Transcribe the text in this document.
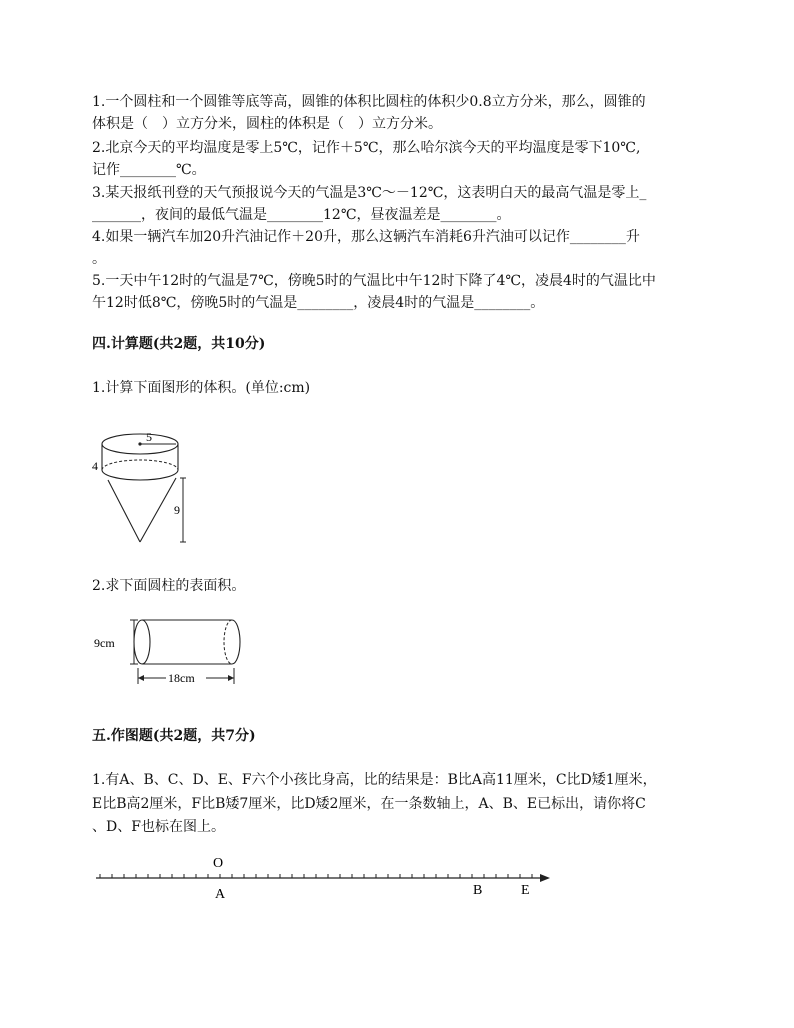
1.一个圆柱和一个圆锥等底等高，圆锥的体积比圆柱的体积少0.8立方分米，那么，圆锥的
体积是（　）立方分米，圆柱的体积是（　）立方分米。
2.北京今天的平均温度是零上5℃，记作＋5℃，那么哈尔滨今天的平均温度是零下10℃,
记作________℃。
3.某天报纸刊登的天气预报说今天的气温是3℃～－12℃，这表明白天的最高气温是零上_
_______，夜间的最低气温是________12℃，昼夜温差是________。
4.如果一辆汽车加20升汽油记作＋20升，那么这辆汽车消耗6升汽油可以记作________升
。
5.一天中午12时的气温是7℃，傍晚5时的气温比中午12时下降了4℃，凌晨4时的气温比中
午12时低8℃，傍晚5时的气温是________，凌晨4时的气温是________。
四.计算题(共2题，共10分)
1.计算下面图形的体积。(单位:cm)
5
4
9
2.求下面圆柱的表面积。
9cm
18cm
五.作图题(共2题，共7分)
1.有A、B、C、D、E、F六个小孩比身高，比的结果是：B比A高11厘米，C比D矮1厘米，
E比B高2厘米，F比B矮7厘米，比D矮2厘米，在一条数轴上，A、B、E已标出，请你将C
、D、F也标在图上。
O
A	B	E
